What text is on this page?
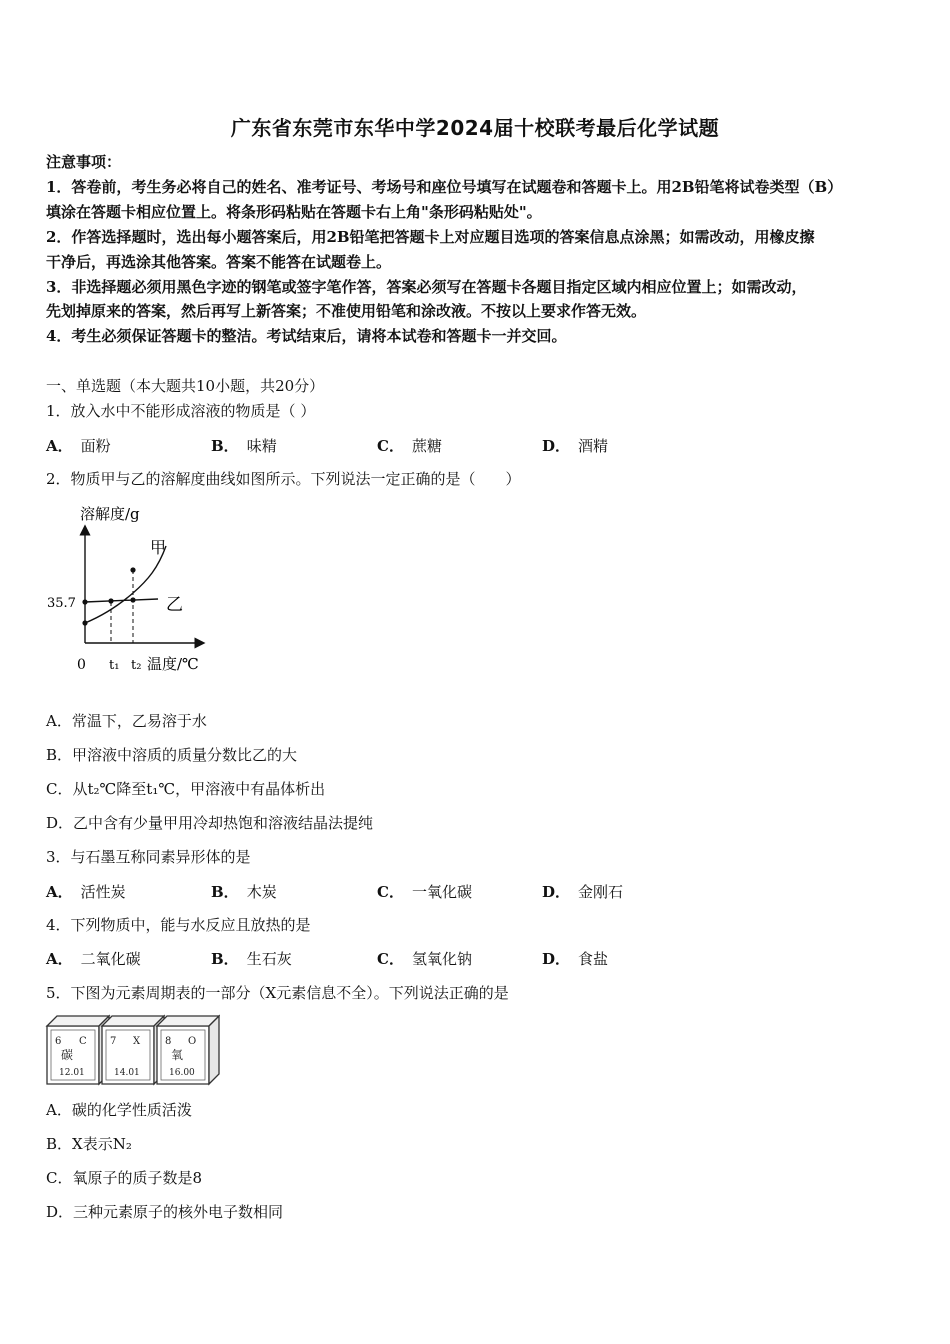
广东省东莞市东华中学2024届十校联考最后化学试题
注意事项：
1．答卷前，考生务必将自己的姓名、准考证号、考场号和座位号填写在试题卷和答题卡上。用2B铅笔将试卷类型（B）
填涂在答题卡相应位置上。将条形码粘贴在答题卡右上角"条形码粘贴处"。
2．作答选择题时，选出每小题答案后，用2B铅笔把答题卡上对应题目选项的答案信息点涂黑；如需改动，用橡皮擦
干净后，再选涂其他答案。答案不能答在试题卷上。
3．非选择题必须用黑色字迹的钢笔或签字笔作答，答案必须写在答题卡各题目指定区域内相应位置上；如需改动，
先划掉原来的答案，然后再写上新答案；不准使用铅笔和涂改液。不按以上要求作答无效。
4．考生必须保证答题卡的整洁。考试结束后，请将本试卷和答题卡一并交回。
一、单选题（本大题共10小题，共20分）
1．放入水中不能形成溶液的物质是（ ）
A． 面粉	B． 味精	C． 蔗糖	D． 酒精
2．物质甲与乙的溶解度曲线如图所示。下列说法一定正确的是（　　）
溶解度/g
0 t₁ t₂ 温度/℃
35.7
甲
乙
A．常温下，乙易溶于水
B．甲溶液中溶质的质量分数比乙的大
C．从t₂℃降至t₁℃，甲溶液中有晶体析出
D．乙中含有少量甲用冷却热饱和溶液结晶法提纯
3．与石墨互称同素异形体的是
A． 活性炭	B． 木炭	C． 一氧化碳	D． 金刚石
4．下列物质中，能与水反应且放热的是
A． 二氧化碳	B． 生石灰	C． 氢氧化钠	D． 食盐
5．下图为元素周期表的一部分（X元素信息不全）。下列说法正确的是
6 C
碳
12.01
7 X
14.01
8 O
氧
16.00
A．碳的化学性质活泼
B．X表示N₂
C．氧原子的质子数是8
D．三种元素原子的核外电子数相同
